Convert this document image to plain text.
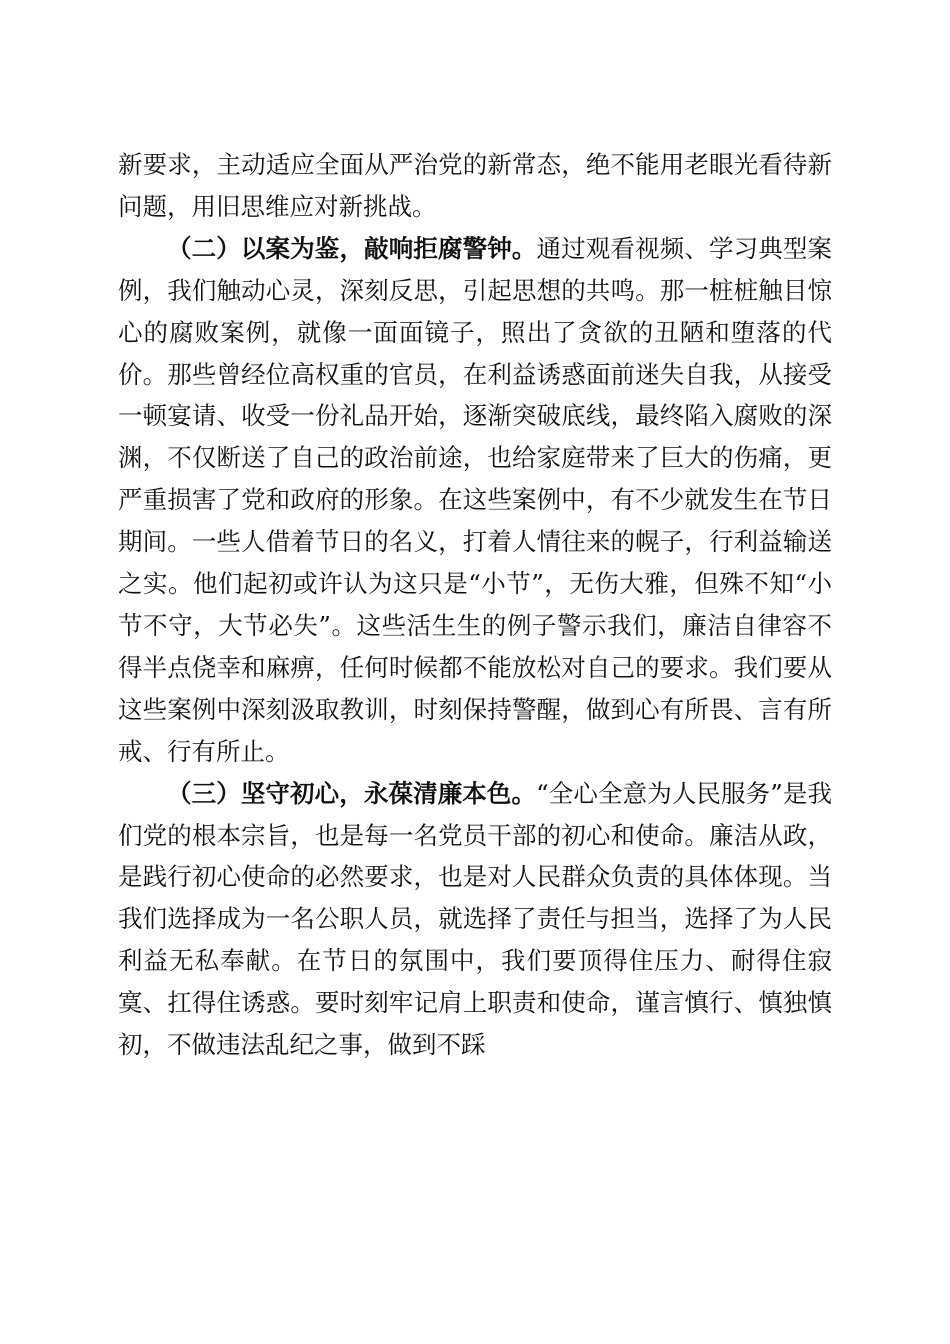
新要求，主动适应全面从严治党的新常态，绝不能用老眼光看待新问题，用旧思维应对新挑战。

（二）以案为鉴，敲响拒腐警钟。通过观看视频、学习典型案例，我们触动心灵，深刻反思，引起思想的共鸣。那一桩桩触目惊心的腐败案例，就像一面面镜子，照出了贪欲的丑陋和堕落的代价。那些曾经位高权重的官员，在利益诱惑面前迷失自我，从接受一顿宴请、收受一份礼品开始，逐渐突破底线，最终陷入腐败的深渊，不仅断送了自己的政治前途，也给家庭带来了巨大的伤痛，更严重损害了党和政府的形象。在这些案例中，有不少就发生在节日期间。一些人借着节日的名义，打着人情往来的幌子，行利益输送之实。他们起初或许认为这只是“小节”，无伤大雅，但殊不知“小节不守，大节必失”。这些活生生的例子警示我们，廉洁自律容不得半点侥幸和麻痹，任何时候都不能放松对自己的要求。我们要从这些案例中深刻汲取教训，时刻保持警醒，做到心有所畏、言有所戒、行有所止。

（三）坚守初心，永葆清廉本色。“全心全意为人民服务”是我们党的根本宗旨，也是每一名党员干部的初心和使命。廉洁从政，是践行初心使命的必然要求，也是对人民群众负责的具体体现。当我们选择成为一名公职人员，就选择了责任与担当，选择了为人民利益无私奉献。在节日的氛围中，我们要顶得住压力、耐得住寂寞、扛得住诱惑。要时刻牢记肩上职责和使命，谨言慎行、慎独慎初，不做违法乱纪之事，做到不踩
